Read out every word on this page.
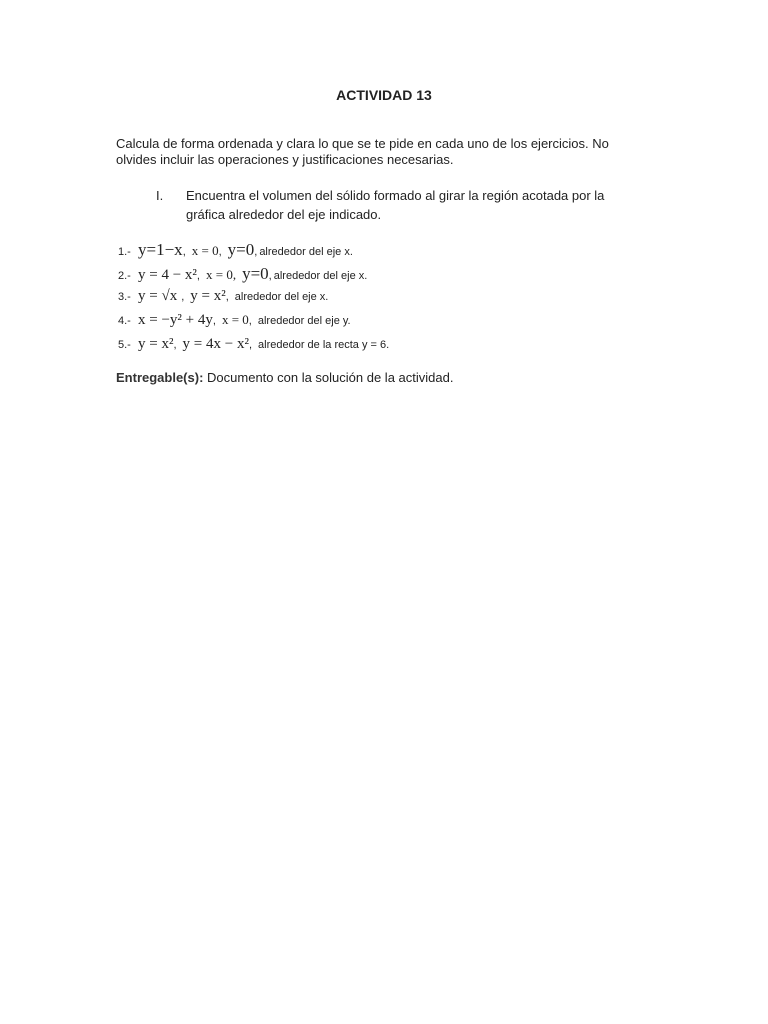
ACTIVIDAD 13
Calcula de forma ordenada y clara lo que se te pide en cada uno de los ejercicios. No olvides incluir las operaciones y justificaciones necesarias.
I. Encuentra el volumen del sólido formado al girar la región acotada por la gráfica alrededor del eje indicado.
1.- y=1−x , x = 0 , y=0 , alrededor del eje x.
2.- y = 4 − x² , x = 0, y=0 , alrededor del eje x.
3.- y = √x , y = x² , alrededor del eje x.
4.- x = −y² + 4y , x = 0 , alrededor del eje y.
5.- y = x² , y = 4x − x² , alrededor de la recta y = 6.
Entregable(s): Documento con la solución de la actividad.
